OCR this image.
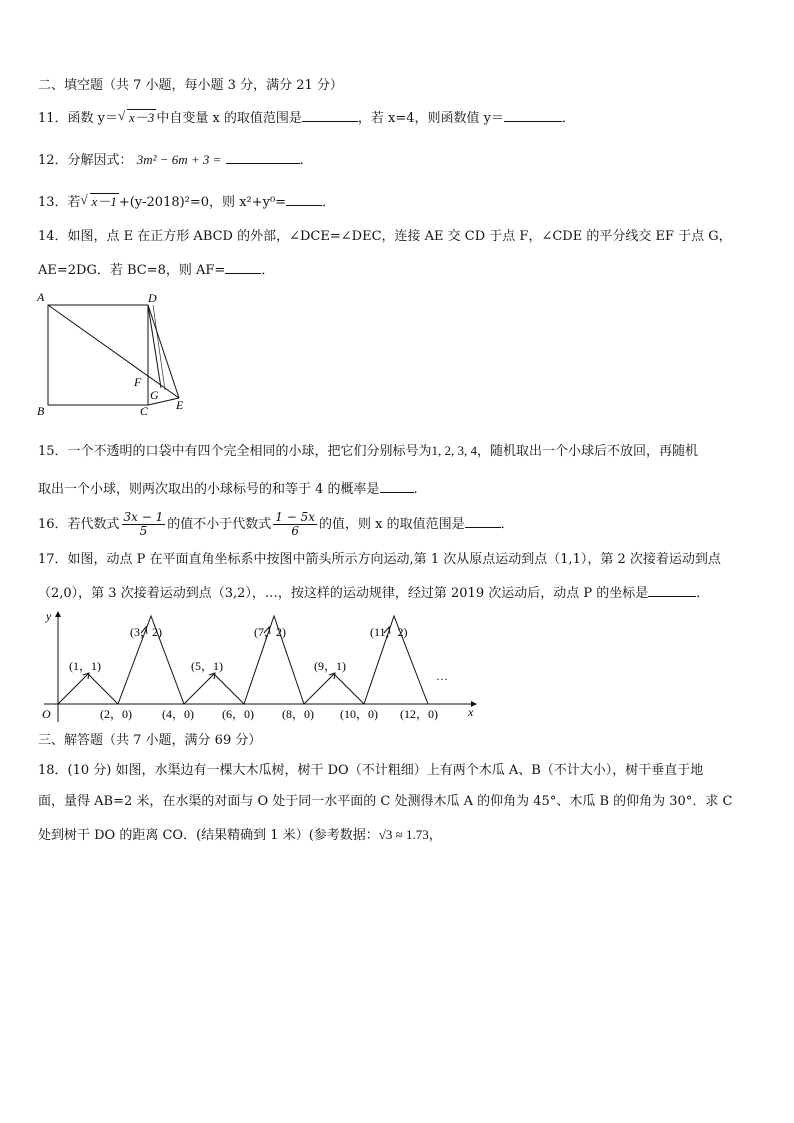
二、填空题（共 7 小题，每小题 3 分，满分 21 分）
11．函数 y＝ √ x－3 中自变量 x 的取值范围是	，若 x=4，则函数值 y＝	．
12．分解因式： 3m² − 6m + 3 =	．
13．若 √ x－1 +(y-2018)²=0，则 x²+y⁰=	．
14．如图，点 E 在正方形 ABCD 的外部，∠DCE=∠DEC，连接 AE 交 CD 于点 F，∠CDE 的平分线交 EF 于点 G，
AE=2DG．若 BC=8，则 AF=	．
A	D
B	C
F
G
E
15．一个不透明的口袋中有四个完全相同的小球，把它们分别标号为1, 2, 3, 4，随机取出一个小球后不放回，再随机
取出一个小球，则两次取出的小球标号的和等于 4 的概率是	.
16．若代数式 $\frac{3x - 1}{5}$ 的值不小于代数式 $\frac{1 - 5x}{6}$ 的值，则 x 的取值范围是	．
17．如图，动点 P 在平面直角坐标系中按图中箭头所示方向运动,第 1 次从原点运动到点（1,1），第 2 次接着运动到点
（2,0），第 3 次接着运动到点（3,2），…，按这样的运动规律，经过第 2019 次运动后，动点 P 的坐标是	．
y
x
O
…
(1，1)
(3，2)
(5，1)
(7，2)
(9，1)
(11，2)
(2，0)	(4，0) (6，0) (8，0) (10，0) (12，0)
三、解答题（共 7 小题，满分 69 分）
18．(10 分) 如图，水渠边有一棵大木瓜树，树干 DO（不计粗细）上有两个木瓜 A、B（不计大小），树干垂直于地
面，量得 AB=2 米，在水渠的对面与 O 处于同一水平面的 C 处测得木瓜 A 的仰角为 45°、木瓜 B 的仰角为 30°．求 C
处到树干 DO 的距离 CO．(结果精确到 1 米）(参考数据：√3 ≈ 1.73，
